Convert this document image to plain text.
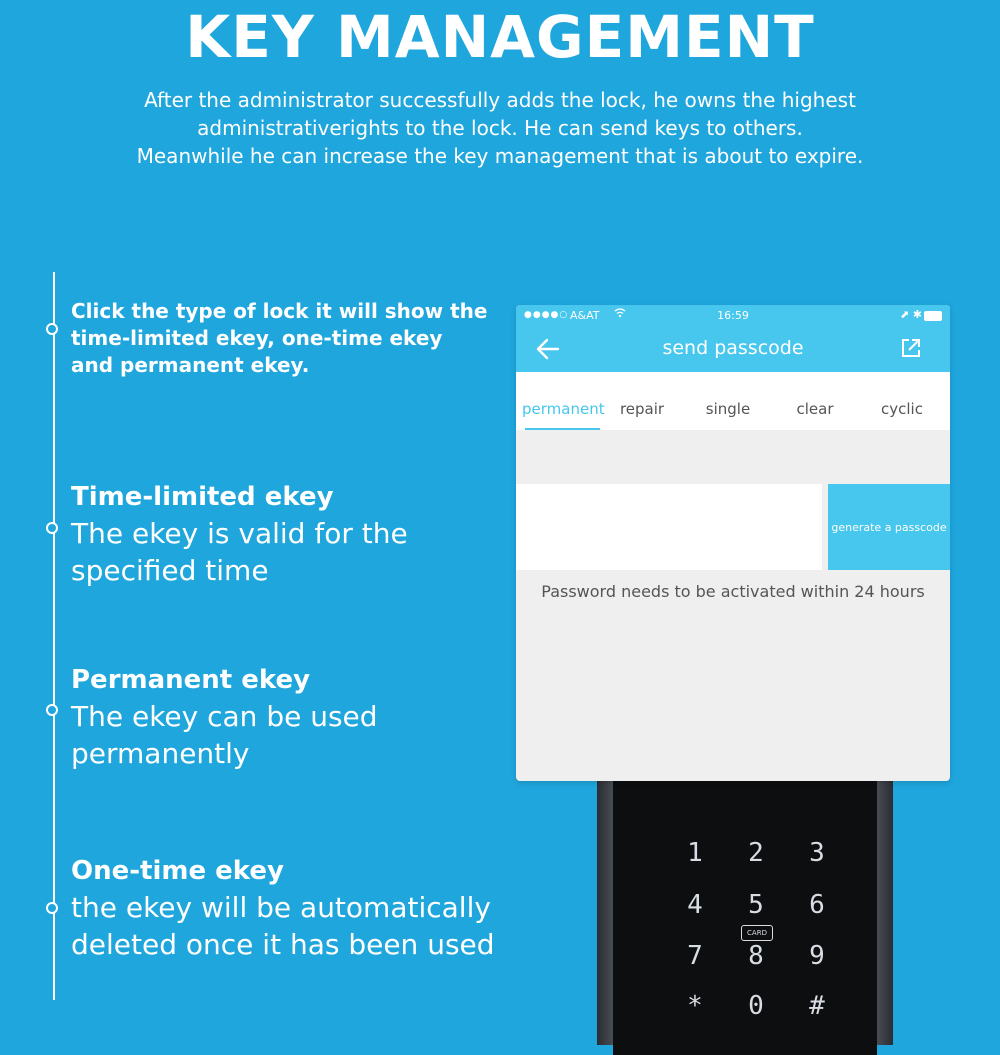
KEY MANAGEMENT
After the administrator successfully adds the lock, he owns the highest
administrativerights to the lock. He can send keys to others.
Meanwhile he can increase the key management that is about to expire.
Click the type of lock it will show the
time-limited ekey, one-time ekey
and permanent ekey.
Time-limited ekey
The ekey is valid for the
specified time
Permanent ekey
The ekey can be used
permanently
One-time ekey
the ekey will be automatically
deleted once it has been used
1	2	3
4	5	6
CARD
7	8	9
*	0	#
●●●●○ A&AT	16:59	⬈ ✱
send passcode
permanent	repair	single	clear	cyclic
generate a passcode
Password needs to be activated within 24 hours
